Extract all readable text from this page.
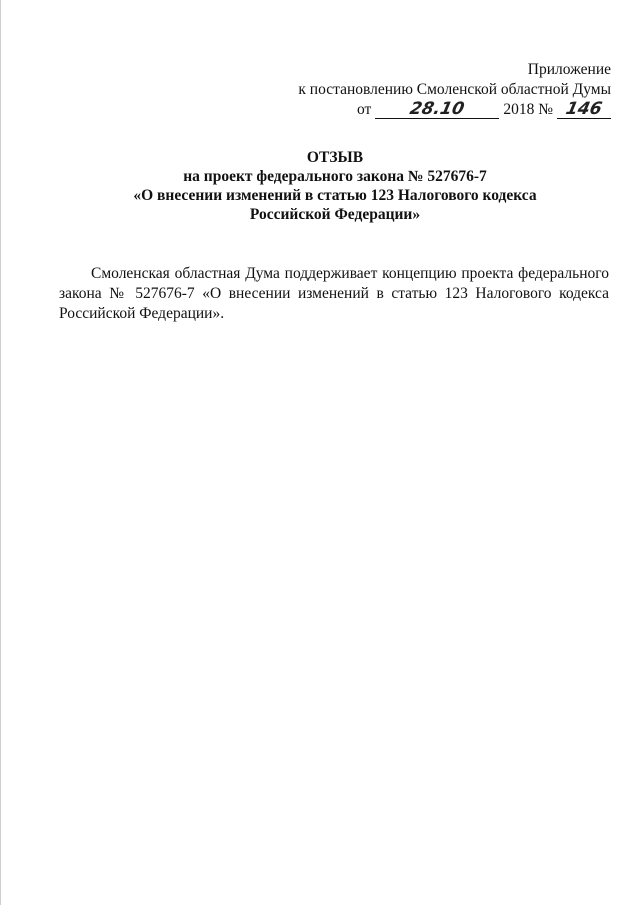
Приложение
к постановлению Смоленской областной Думы
от 28.10 2018 № 146
ОТЗЫВ
на проект федерального закона № 527676-7
«О внесении изменений в статью 123 Налогового кодекса
Российской Федерации»

Смоленская областная Дума поддерживает концепцию проекта федерального закона № 527676-7 «О внесении изменений в статью 123 Налогового кодекса Российской Федерации».
